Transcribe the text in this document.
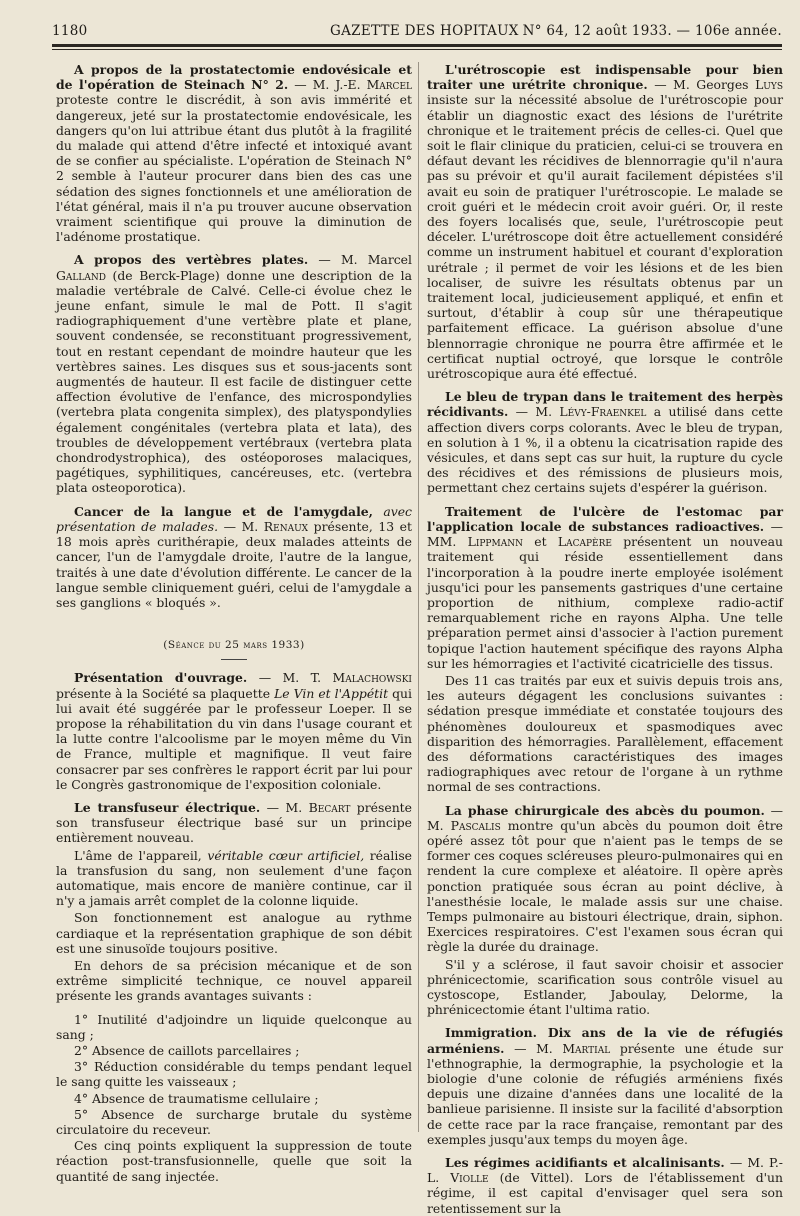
1180	GAZETTE DES HOPITAUX N° 64, 12 août 1933. — 106e année.

A propos de la prostatectomie endovésicale et de l'opération de Steinach N° 2. — M. J.-E. Marcel proteste contre le discrédit, à son avis immérité et dangereux, jeté sur la prostatectomie endovésicale, les dangers qu'on lui attribue étant dus plutôt à la fragilité du malade qui attend d'être infecté et intoxiqué avant de se confier au spécialiste. L'opération de Steinach N° 2 semble à l'auteur procurer dans bien des cas une sédation des signes fonctionnels et une amélioration de l'état général, mais il n'a pu trouver aucune observation vraiment scientifique qui prouve la diminution de l'adénome prostatique.

A propos des vertèbres plates. — M. Marcel Galland (de Berck-Plage) donne une description de la maladie vertébrale de Calvé. Celle-ci évolue chez le jeune enfant, simule le mal de Pott. Il s'agit radiographiquement d'une vertèbre plate et plane, souvent condensée, se reconstituant progressivement, tout en restant cependant de moindre hauteur que les vertèbres saines. Les disques sus et sous-jacents sont augmentés de hauteur. Il est facile de distinguer cette affection évolutive de l'enfance, des microspondylies (vertebra plata congenita simplex), des platyspondylies également congénitales (vertebra plata et lata), des troubles de développement vertébraux (vertebra plata chondrodystrophica), des ostéoporoses malaciques, pagétiques, syphilitiques, cancéreuses, etc. (vertebra plata osteoporotica).

Cancer de la langue et de l'amygdale, avec présentation de malades. — M. Renaux présente, 13 et 18 mois après curithérapie, deux malades atteints de cancer, l'un de l'amygdale droite, l'autre de la langue, traités à une date d'évolution différente. Le cancer de la langue semble cliniquement guéri, celui de l'amygdale a ses ganglions « bloqués ».

(Séance du 25 mars 1933)

Présentation d'ouvrage. — M. T. Malachowski présente à la Société sa plaquette Le Vin et l'Appétit qui lui avait été suggérée par le professeur Loeper. Il se propose la réhabilitation du vin dans l'usage courant et la lutte contre l'alcoolisme par le moyen même du Vin de France, multiple et magnifique. Il veut faire consacrer par ses confrères le rapport écrit par lui pour le Congrès gastronomique de l'exposition coloniale.

Le transfuseur électrique. — M. Becart présente son transfuseur électrique basé sur un principe entièrement nouveau.

L'âme de l'appareil, véritable cœur artificiel, réalise la transfusion du sang, non seulement d'une façon automatique, mais encore de manière continue, car il n'y a jamais arrêt complet de la colonne liquide.

Son fonctionnement est analogue au rythme cardiaque et la représentation graphique de son débit est une sinusoïde toujours positive.

En dehors de sa précision mécanique et de son extrême simplicité technique, ce nouvel appareil présente les grands avantages suivants :

1° Inutilité d'adjoindre un liquide quelconque au sang ;

2° Absence de caillots parcellaires ;

3° Réduction considérable du temps pendant lequel le sang quitte les vaisseaux ;

4° Absence de traumatisme cellulaire ;

5° Absence de surcharge brutale du système circulatoire du receveur.

Ces cinq points expliquent la suppression de toute réaction post-transfusionnelle, quelle que soit la quantité de sang injectée.

L'urétroscopie est indispensable pour bien traiter une urétrite chronique. — M. Georges Luys insiste sur la nécessité absolue de l'urétroscopie pour établir un diagnostic exact des lésions de l'urétrite chronique et le traitement précis de celles-ci. Quel que soit le flair clinique du praticien, celui-ci se trouvera en défaut devant les récidives de blennorragie qu'il n'aura pas su prévoir et qu'il aurait facilement dépistées s'il avait eu soin de pratiquer l'urétroscopie. Le malade se croit guéri et le médecin croit avoir guéri. Or, il reste des foyers localisés que, seule, l'urétroscopie peut déceler. L'urétroscope doit être actuellement considéré comme un instrument habituel et courant d'exploration urétrale ; il permet de voir les lésions et de les bien localiser, de suivre les résultats obtenus par un traitement local, judicieusement appliqué, et enfin et surtout, d'établir à coup sûr une thérapeutique parfaitement efficace. La guérison absolue d'une blennorragie chronique ne pourra être affirmée et le certificat nuptial octroyé, que lorsque le contrôle urétroscopique aura été effectué.

Le bleu de trypan dans le traitement des herpès récidivants. — M. Lévy-Fraenkel a utilisé dans cette affection divers corps colorants. Avec le bleu de trypan, en solution à 1 %, il a obtenu la cicatrisation rapide des vésicules, et dans sept cas sur huit, la rupture du cycle des récidives et des rémissions de plusieurs mois, permettant chez certains sujets d'espérer la guérison.

Traitement de l'ulcère de l'estomac par l'application locale de substances radioactives. — MM. Lippmann et Lacapère présentent un nouveau traitement qui réside essentiellement dans l'incorporation à la poudre inerte employée isolément jusqu'ici pour les pansements gastriques d'une certaine proportion de nithium, complexe radio-actif remarquablement riche en rayons Alpha. Une telle préparation permet ainsi d'associer à l'action purement topique l'action hautement spécifique des rayons Alpha sur les hémorragies et l'activité cicatricielle des tissus.

Des 11 cas traités par eux et suivis depuis trois ans, les auteurs dégagent les conclusions suivantes : sédation presque immédiate et constatée toujours des phénomènes douloureux et spasmodiques avec disparition des hémorragies. Parallèlement, effacement des déformations caractéristiques des images radiographiques avec retour de l'organe à un rythme normal de ses contractions.

La phase chirurgicale des abcès du poumon. — M. Pascalis montre qu'un abcès du poumon doit être opéré assez tôt pour que n'aient pas le temps de se former ces coques scléreuses pleuro-pulmonaires qui en rendent la cure complexe et aléatoire. Il opère après ponction pratiquée sous écran au point déclive, à l'anesthésie locale, le malade assis sur une chaise. Temps pulmonaire au bistouri électrique, drain, siphon. Exercices respiratoires. C'est l'examen sous écran qui règle la durée du drainage.

S'il y a sclérose, il faut savoir choisir et associer phrénicectomie, scarification sous contrôle visuel au cystoscope, Estlander, Jaboulay, Delorme, la phrénicectomie étant l'ultima ratio.

Immigration. Dix ans de la vie de réfugiés arméniens. — M. Martial présente une étude sur l'ethnographie, la dermographie, la psychologie et la biologie d'une colonie de réfugiés arméniens fixés depuis une dizaine d'années dans une localité de la banlieue parisienne. Il insiste sur la facilité d'absorption de cette race par la race française, remontant par des exemples jusqu'aux temps du moyen âge.

Les régimes acidifiants et alcalinisants. — M. P.-L. Violle (de Vittel). Lors de l'établissement d'un régime, il est capital d'envisager quel sera son retentissement sur la
